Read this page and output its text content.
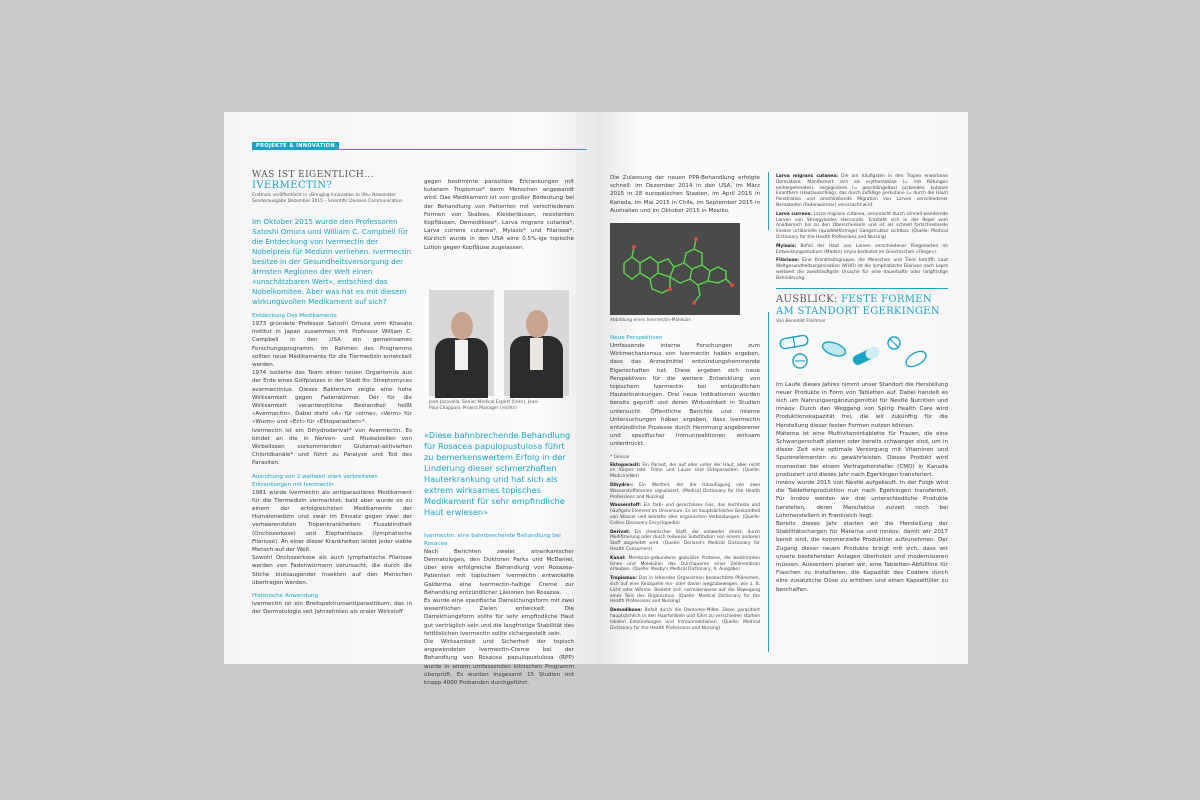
PROJEKTE & INNOVATION
WAS IST EIGENTLICH...
IVERMECTIN?
Erstmals veröffentlicht in «Bringing Innovation to life» Newsletter
Sonderausgabe Dezember 2015 – Scientific Division Communication

Im Oktober 2015 wurde den Professoren Satoshi Omura und William C. Campbell für die Entdeckung von Ivermectin der Nobelpreis für Medizin verliehen. Ivermectin besitze in der Gesundheitsversorgung der ärmsten Regionen der Welt einen «unschätzbaren Wert», entschied das Nobelkomitee. Aber was hat es mit diesem wirkungsvollen Medikament auf sich?

Entdeckung Des Medikaments

1973 gründete Professor Satoshi Omura vom Kitasato Institut in Japan zusammen mit Professor William C. Campbell in den USA ein gemeinsames Forschungsprogramm. Im Rahmen des Programms sollten neue Medikamente für die Tiermedizin entwickelt werden.

1974 isolierte das Team einen neuen Organismus aus der Erde eines Golfplatzes in der Stadt Ito: Streptomyces avermectinius. Dieses Bakterium zeigte eine hohe Wirksamkeit gegen Fadenwürmer. Der für die Wirksamkeit verantwortliche Bestandteil heißt «Avermectin». Dabei steht «A» für «ohne», «Verm» für «Wurm» und «Ect» für «Ektoparasiten»*.

Ivermectin ist ein Dihydroderivat* von Avermectin. Es bindet an die in Nerven- und Muskelzellen von Wirbellosen vorkommenden Glutamat-aktivierten Chloridkanäle* und führt zu Paralyse und Tod des Parasiten.

Ausrottung von 2 weltweit stark verbreiteten Erkrankungen mit Ivermectin

1981 wurde Ivermectin als antiparasitäres Medikament für die Tiermedizin vermarktet, bald aber wurde es zu einem der erfolgreichsten Medikamente der Humanmedizin und zwar im Einsatz gegen zwei der verheerendsten Tropenkrankheiten: Flussblindheit (Onchozerkose) und Elephantiasis (lymphatische Filariose). An einer dieser Krankheiten leidet jeder siebte Mensch auf der Welt.

Sowohl Onchozerkose als auch lymphatische Filariose werden von Fadenwürmern verursacht, die durch die Stiche blutsaugender Insekten auf den Menschen übertragen werden.

Historische Anwendung

Ivermectin ist ein Breitspektrumantiparasitikum, das in der Dermatologie seit Jahrzehnten als oraler Wirkstoff

gegen bestimmte parasitäre Erkrankungen mit kutanem Tropismus* beim Menschen angewandt wird. Das Medikament ist von großer Bedeutung bei der Behandlung von Patienten mit verschiedenen Formen von Skabies, Kleiderläusen, resistenten Kopfläusen, Demodikose*, Larva migrans cutanea*, Larva currens cutanea*, Myiasis* und Filariose*. Kürzlich wurde in den USA eine 0,5%-ige topische Lotion gegen Kopfläuse zugelassen.

Jean Jacovella, Senior Medical Expert (links), Jean-Paul Chappuis, Project Manager (rechts)

«Diese bahnbrechende Behandlung für Rosacea papulopustulosa führt zu bemerkenswertem Erfolg in der Linderung dieser schmerzhaften Hauterkrankung und hat sich als extrem wirksames topisches Medikament für sehr empfindliche Haut erwiesen»

Ivermectin: eine bahnbrechende Behandlung bei Rosacea

Nach Berichten zweier amerikanischer Dermatologen, den Doktoren Parks und McDaniel, über eine erfolgreiche Behandlung von Rosazea-Patienten mit topischem Ivermectin entwickelte Galderma eine Ivermectin-haltige Creme zur Behandlung entzündlicher Läsionen bei Rosazea.

Es wurde eine spezifische Darreichungsform mit zwei wesentlichen Zielen entwickelt: Die Darreichungsform sollte für sehr empfindliche Haut gut verträglich sein und die langfristige Stabilität des fettlöslichen Ivermectin sollte sichergestellt sein.

Die Wirksamkeit und Sicherheit der topisch angewendeten Ivermectin-Creme bei der Behandlung von Rosacea papulopustulosa (RPP) wurde in einem umfassenden klinischen Programm überprüft. Es wurden insgesamt 15 Studien mit knapp 4000 Probanden durchgeführt.

Die Zulassung der neuen PPR-Behandlung erfolgte schnell: im Dezember 2014 in den USA, im März 2015 in 28 europäischen Staaten, im April 2015 in Kanada, im Mai 2015 in Chile, im September 2015 in Australien und im Oktober 2015 in Mexiko.

Abbildung eines Ivermectin-Moleküls

Neue Perspektiven

Umfassende interne Forschungen zum Wirkmechanismus von Ivermectin haben ergeben, dass das Arzneimittel entzündungshemmende Eigenschaften hat. Diese ergeben sich neue Perspektiven für die weitere Entwicklung von topischem Ivermectin bei entzündlichen Hauterkrankungen. Drei neue Indikationen wurden bereits geprüft und deren Wirksamkeit in Studien untersucht. Öffentliche Berichte und interne Untersuchungen haben ergeben, dass Ivermectin entzündliche Prozesse durch Hemmung angeborener und spezifischer Immunreaktionen wirksam unterdrückt.

* Glossar
Ektoparasit: Ein Parasit, der auf oder unter der Haut, aber nicht im Körper lebt. Flöhe und Läuse sind Ektoparasiten. (Quelle: MedicineNet)
Dihydro-: Ein Wortteil, der die Hinzufügung von zwei Wasserstoffatomen signalisiert. (Medical Dictionary for the Health Professions and Nursing)
Wasserstoff: Ein farb- und geruchloses Gas, das leichteste und häufigste Element im Universum. Es ist hauptsächlicher Bestandteil von Wasser und beinahe aller organischen Verbindungen. (Quelle: Collins Discovery Encyclopedia)
Derivat: Ein chemischer Stoff, der entweder direkt, durch Modifizierung oder durch teilweise Substitution von einem anderen Stoff abgeleitet wird. (Quelle: Dorland's Medical Dictionary for Health Consumers)
Kanal: Membran-gebundene globuläre Proteine, die bestimmten Ionen und Molekülen das Durchqueren einer Zellmembran erlauben. (Quelle: Mosby's Medical Dictionary, 9. Ausgabe)
Tropismus: Das in lebenden Organismen beobachtete Phänomen, sich auf eine Reizquelle hin- oder davon wegzubewegen, wie z. B. Licht oder Wärme. Bezieht sich normalerweise auf die Bewegung eines Teils des Organismus. (Quelle: Medical Dictionary for the Health Professions and Nursing)
Demodikose: Befall durch die Demodex-Milbe. Diese parasitiert hauptsächlich in den Haarfollikeln und führt zu verschieden starken lokalen Entzündungen und Immunreaktionen. (Quelle: Medical Dictionary for the Health Professions and Nursing)
Larva migrans cutanea: Die am häufigsten in den Tropen erworbene Dermatose. Manifestiert sich als erythematöse (= mit Rötungen einhergehendes), serpiginöses (= geschlängeltes) juckendes, kutanes Exanthem (Hautausschlag), das durch zufällige perkutane (= durch die Haut) Penetration und anschließende Migration von Larven verschiedener Nematoden (Fadenwürmer) verursacht wird.
Larva currens: Larva migrans cutanea, verursacht durch schnell wandernde Larven von Strongyloides stercoralis. Entsteht sich in der Regel vom Analbereich bis zu den Oberschenkeln und ist als schnell fortschreitende lineare urtikarielle (quaddelförmige) Gangstruktur sichtbar. (Quelle: Medical Dictionary for the Health Professions and Nursing)
Myiasis: Befall der Haut von Larven verschiedener Fliegenarten im Entwicklungsstadium (Maden) (myia bedeutet im Griechischen «Fliege»).
Filariose: Eine Krankheitsgruppe, die Menschen und Tiere betrifft. Laut Weltgesundheitsorganisation (WHO) ist die lymphatische Filariose nach Lepra weltweit die zweithäufigste Ursache für eine dauerhafte oder langfristige Behinderung.
AUSBLICK: FESTE FORMEN AM STANDORT EGERKINGEN
Von Benedikt Flammer

Im Laufe dieses Jahres nimmt unser Standort die Herstellung neuer Produkte in Form von Tabletten auf. Dabei handelt es sich um Nahrungsergänzungsmittel für Nestlé Nutrition und innéov. Durch den Weggang von Spirig Health Care wird Produktionskapazität frei, die wir zukünftig für die Herstellung dieser festen Formen nutzen können.

Materna ist eine Multivitamintablette für Frauen, die eine Schwangerschaft planen oder bereits schwanger sind, um in dieser Zeit eine optimale Versorgung mit Vitaminen und Spurenelementen zu gewährleisten. Dieses Produkt wird momentan bei einem Vertragshersteller (CMO) in Kanada produziert und dieses Jahr nach Egerkingen transferiert.

innéov wurde 2015 von Nestlé aufgekauft. In der Folge wird die Tablettenproduktion nun nach Egerkingen transferiert. Für innéov werden wir drei unterschiedliche Produkte herstellen, deren Manufaktur zurzeit noch bei Lohnherstellern in Frankreich liegt.

Bereits dieses Jahr starten wir die Herstellung der Stabilitätschargen für Materna und innéov, damit wir 2017 bereit sind, die kommerzielle Produktion aufzunehmen. Der Zugang dieser neuen Produkte bringt mit sich, dass wir unsere bestehenden Anlagen überholen und modernisieren müssen. Ausserdem planen wir, eine Tabletten-Abfüllline für Flaschen zu installieren, die Kapazität des Coaters durch eine zusätzliche Düse zu erhöhen und einen Kapselfüller zu beschaffen.
